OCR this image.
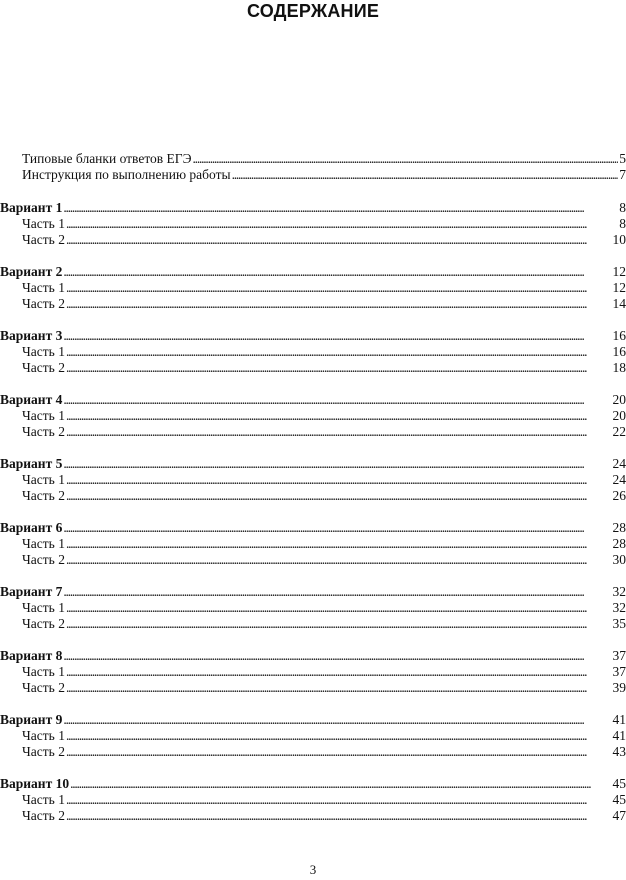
СОДЕРЖАНИЕ
Типовые бланки ответов ЕГЭ . . .	5
Инструкция по выполнению работы . . .	7
Вариант 1 . . .	8
Часть 1 . . .	8
Часть 2 . . .	10
Вариант 2 . . .	12
Часть 1 . . .	12
Часть 2 . . .	14
Вариант 3 . . .	16
Часть 1 . . .	16
Часть 2 . . .	18
Вариант 4 . . .	20
Часть 1 . . .	20
Часть 2 . . .	22
Вариант 5 . . .	24
Часть 1 . . .	24
Часть 2 . . .	26
Вариант 6 . . .	28
Часть 1 . . .	28
Часть 2 . . .	30
Вариант 7 . . .	32
Часть 1 . . .	32
Часть 2 . . .	35
Вариант 8 . . .	37
Часть 1 . . .	37
Часть 2 . . .	39
Вариант 9 . . .	41
Часть 1 . . .	41
Часть 2 . . .	43
Вариант 10 . . .	45
Часть 1 . . .	45
Часть 2 . . .	47
3
